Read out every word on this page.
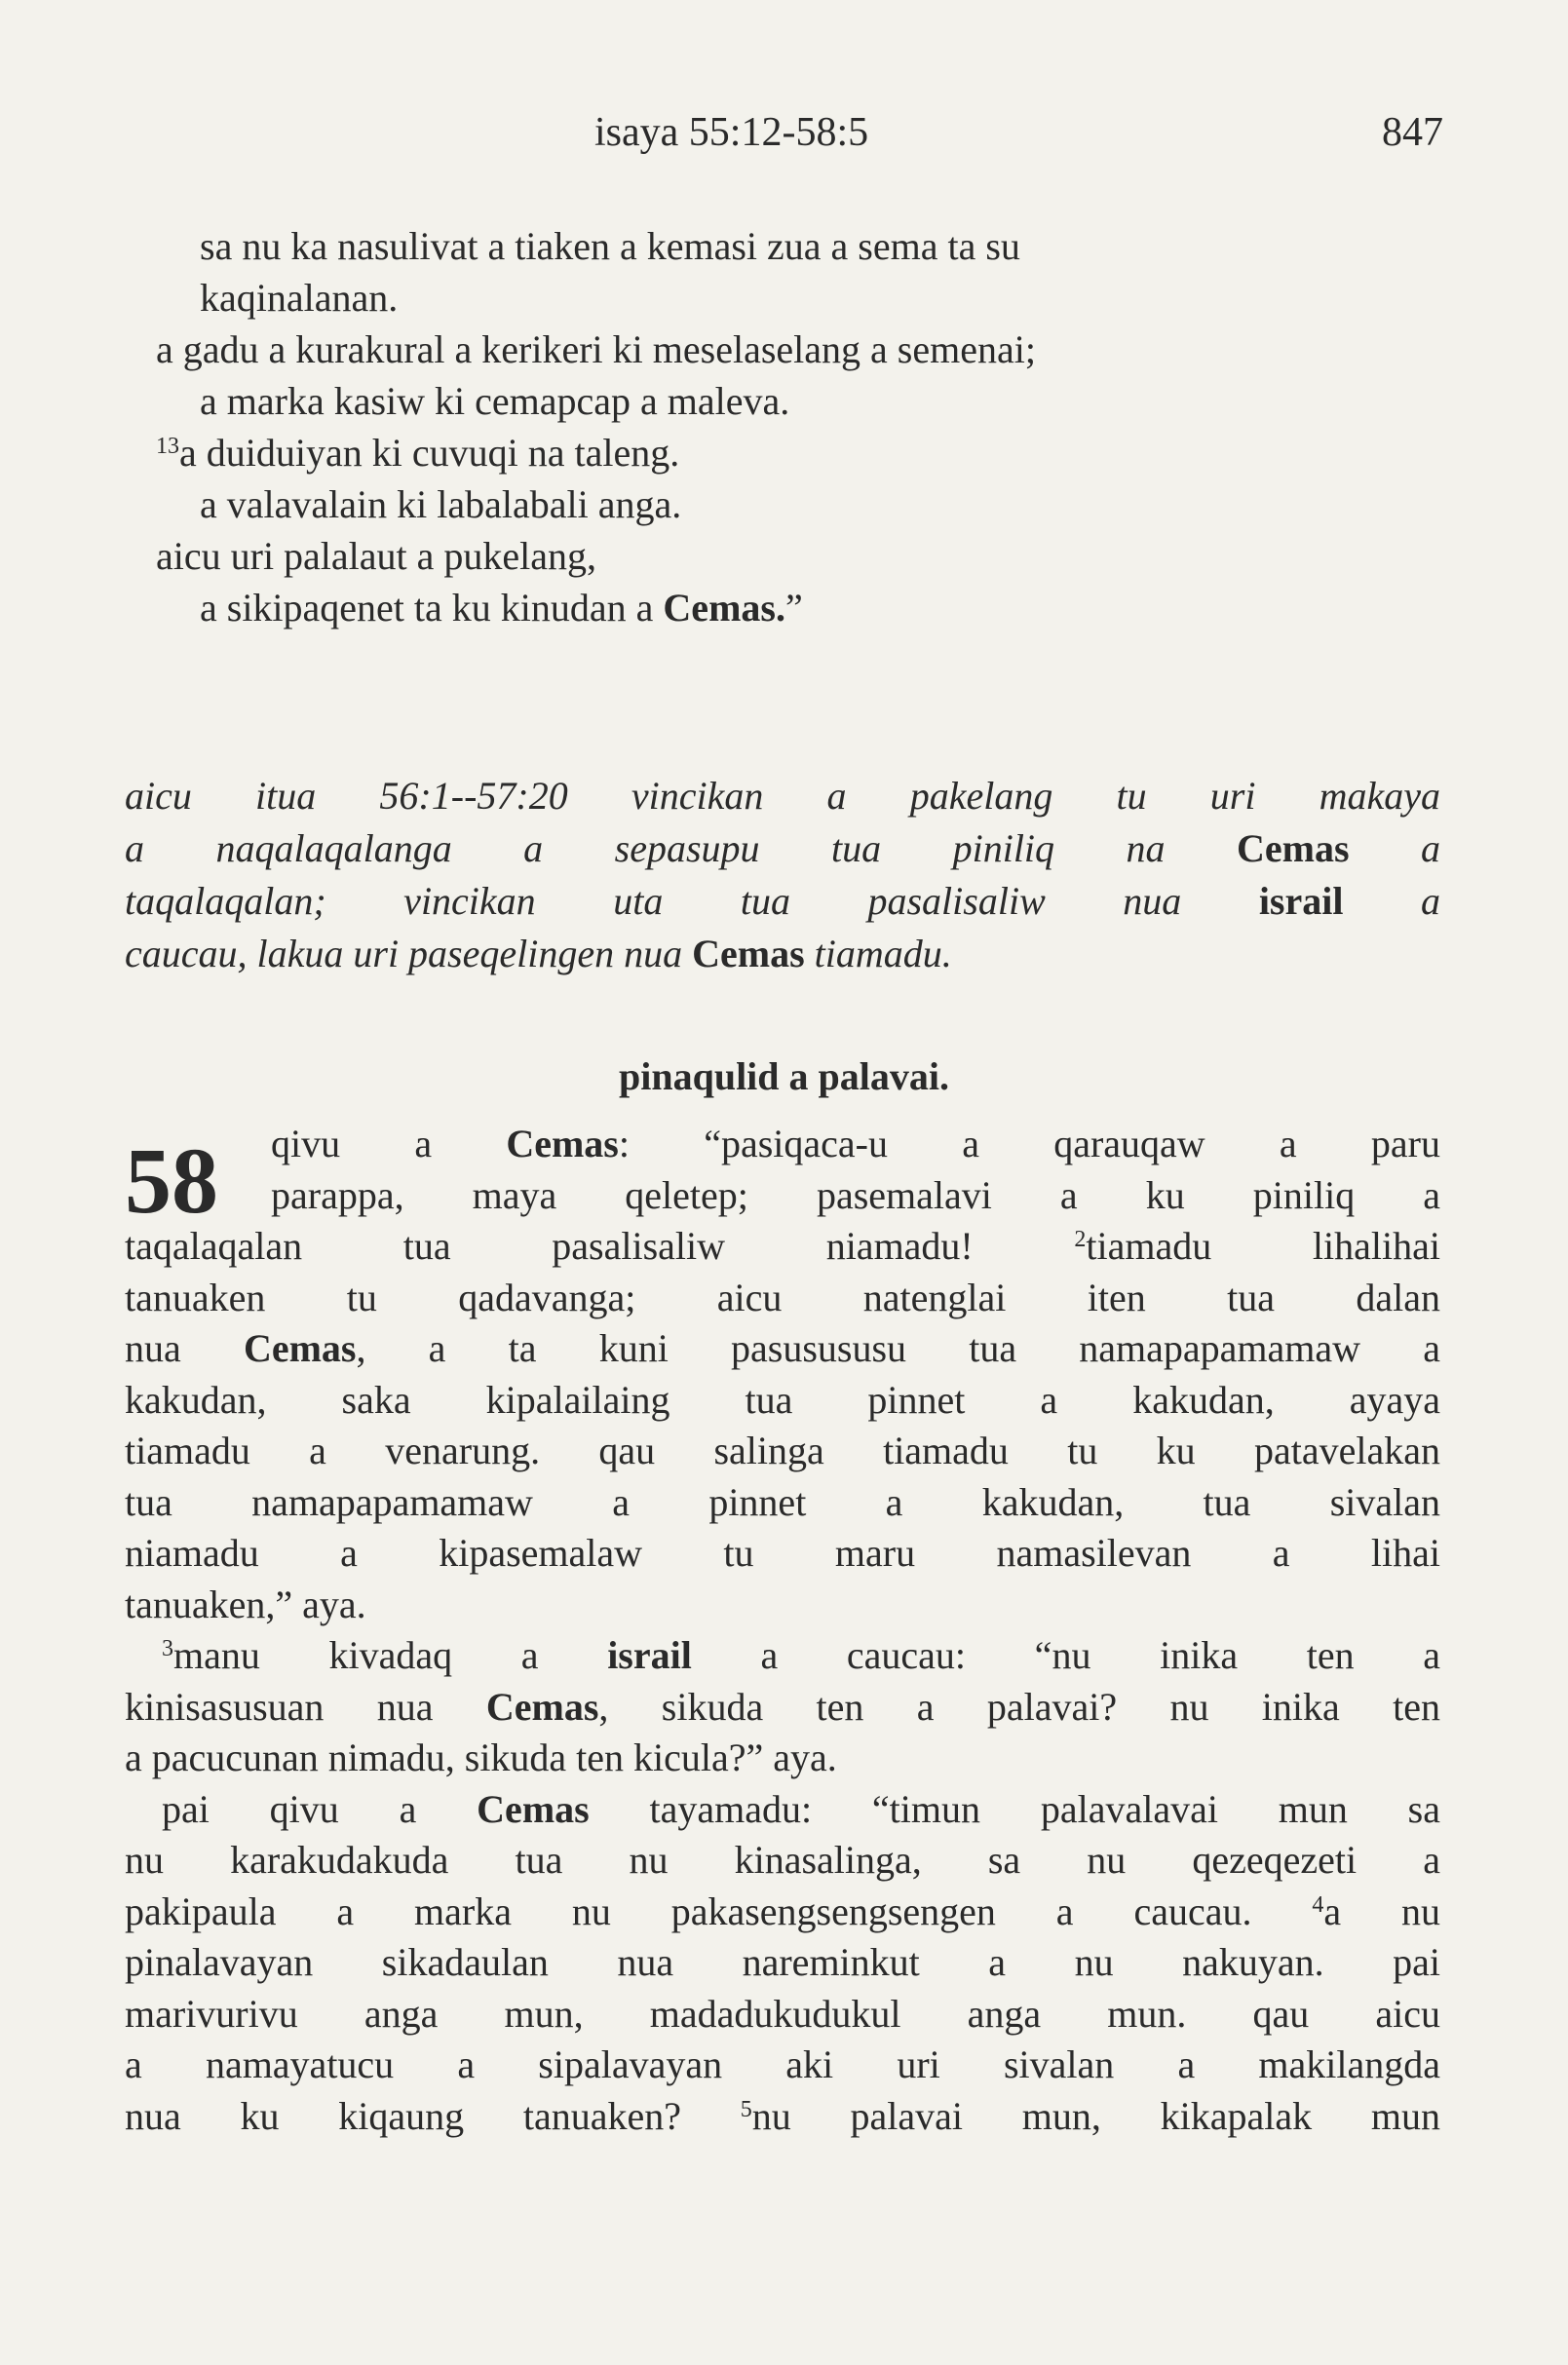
isaya 55:12-58:5	847
sa nu ka nasulivat a tiaken a kemasi zua a sema ta su
kaqinalanan.
a gadu a kurakural a kerikeri ki meselaselang a semenai;
a marka kasiw ki cemapcap a maleva.
$^{13}$a duiduiyan ki cuvuqi na taleng.
a valavalain ki labalabali anga.
aicu uri palalaut a pukelang,
a sikipaqenet ta ku kinudan a Cemas.”
aicu itua 56:1--57:20 vincikan a pakelang tu uri makaya
a naqalaqalanga a sepasupu tua piniliq na Cemas a
taqalaqalan; vincikan uta tua pasalisaliw nua israil a
caucau, lakua uri paseqelingen nua Cemas tiamadu.
pinaqulid a palavai.
58	qivu a Cemas: “pasiqaca-u a qarauqaw a paru
parappa, maya qeletep; pasemalavi a ku piniliq a
taqalaqalan tua pasalisaliw niamadu! $^2$tiamadu lihalihai
tanuaken tu qadavanga; aicu natenglai iten tua dalan
nua Cemas, a ta kuni pasusususu tua namapapamamaw a
kakudan, saka kipalailaing tua pinnet a kakudan, ayaya
tiamadu a venarung. qau salinga tiamadu tu ku patavelakan
tua namapapamamaw a pinnet a kakudan, tua sivalan
niamadu a kipasemalaw tu maru namasilevan a lihai
tanuaken,” aya.
$^3$manu kivadaq a israil a caucau: “nu inika ten a
kinisasusuan nua Cemas, sikuda ten a palavai? nu inika ten
a pacucunan nimadu, sikuda ten kicula?” aya.
pai qivu a Cemas tayamadu: “timun palavalavai mun sa
nu karakudakuda tua nu kinasalinga, sa nu qezeqezeti a
pakipaula a marka nu pakasengsengsengen a caucau. $^4$a nu
pinalavayan sikadaulan nua nareminkut a nu nakuyan. pai
marivurivu anga mun, madadukudukul anga mun. qau aicu
a namayatucu a sipalavayan aki uri sivalan a makilangda
nua ku kiqaung tanuaken? $^5$nu palavai mun, kikapalak mun
